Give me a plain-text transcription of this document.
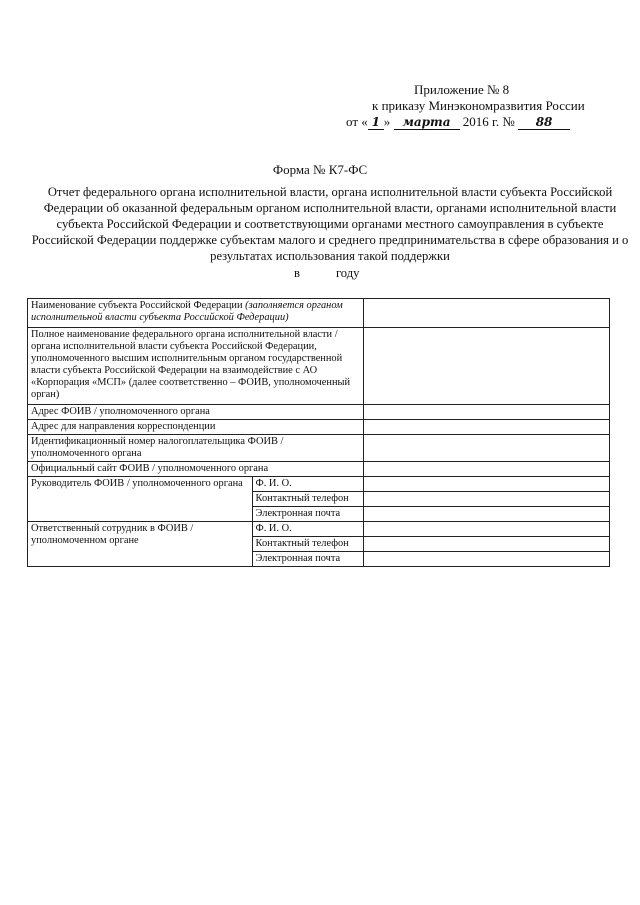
Приложение № 8
к приказу Минэкономразвития России
от « 1 » марта 2016 г. № 88
Форма № К7-ФС
Отчет федерального органа исполнительной власти, органа исполнительной власти субъекта Российской Федерации об оказанной федеральным органом исполнительной власти, органами исполнительной власти субъекта Российской Федерации и соответствующими органами местного самоуправления в субъекте Российской Федерации поддержке субъектам малого и среднего предпринимательства в сфере образования и о результатах использования такой поддержки
в	году
Наименование субъекта Российской Федерации (заполняется органом исполнительной власти субъекта Российской Федерации)		
Полное наименование федерального органа исполнительной власти / органа исполнительной власти субъекта Российской Федерации, уполномоченного высшим исполнительным органом государственной власти субъекта Российской Федерации на взаимодействие с АО «Корпорация «МСП» (далее соответственно – ФОИВ, уполномоченный орган)		
Адрес ФОИВ / уполномоченного органа		
Адрес для направления корреспонденции		
Идентификационный номер налогоплательщика ФОИВ / уполномоченного органа		
Официальный сайт ФОИВ / уполномоченного органа		
Руководитель ФОИВ / уполномоченного органа	Ф. И. О.	
	Контактный телефон	
	Электронная почта	
Ответственный сотрудник в ФОИВ / уполномоченном органе	Ф. И. О.	
	Контактный телефон	
	Электронная почта	
